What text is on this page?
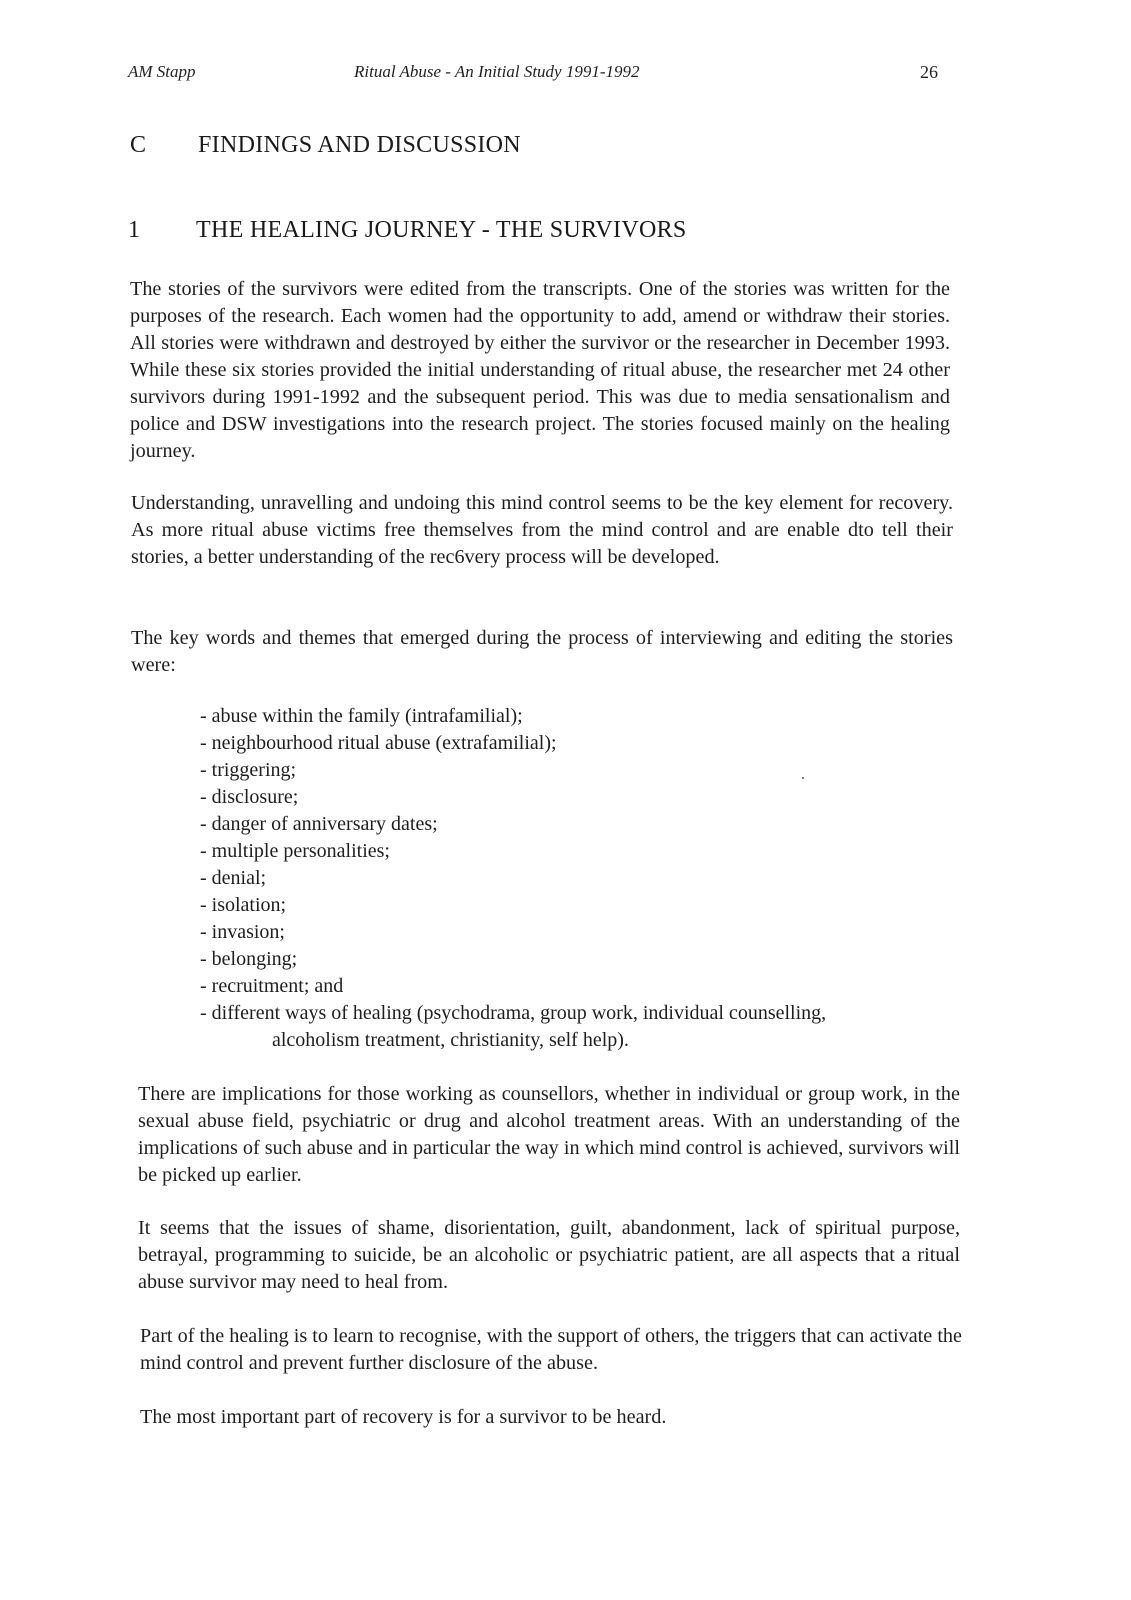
AM Stapp	Ritual Abuse - An Initial Study 1991-1992	26
C FINDINGS AND DISCUSSION
1 THE HEALING JOURNEY - THE SURVIVORS

The stories of the survivors were edited from the transcripts. One of the stories was written for the purposes of the research. Each women had the opportunity to add, amend or withdraw their stories. All stories were withdrawn and destroyed by either the survivor or the researcher in December 1993. While these six stories provided the initial understanding of ritual abuse, the researcher met 24 other survivors during 1991-1992 and the subsequent period. This was due to media sensationalism and police and DSW investigations into the research project. The stories focused mainly on the healing journey.

Understanding, unravelling and undoing this mind control seems to be the key element for recovery. As more ritual abuse victims free themselves from the mind control and are enable dto tell their stories, a better understanding of the rec6very process will be developed.

The key words and themes that emerged during the process of interviewing and editing the stories were:

- abuse within the family (intrafamilial);
- neighbourhood ritual abuse (extrafamilial);
- triggering;
- disclosure;
- danger of anniversary dates;
- multiple personalities;
- denial;
- isolation;
- invasion;
- belonging;
- recruitment; and
- different ways of healing (psychodrama, group work, individual counselling,
alcoholism treatment, christianity, self help).

There are implications for those working as counsellors, whether in individual or group work, in the sexual abuse field, psychiatric or drug and alcohol treatment areas. With an understanding of the implications of such abuse and in particular the way in which mind control is achieved, survivors will be picked up earlier.

It seems that the issues of shame, disorientation, guilt, abandonment, lack of spiritual purpose, betrayal, programming to suicide, be an alcoholic or psychiatric patient, are all aspects that a ritual abuse survivor may need to heal from.

Part of the healing is to learn to recognise, with the support of others, the triggers that can activate the mind control and prevent further disclosure of the abuse.

The most important part of recovery is for a survivor to be heard.
